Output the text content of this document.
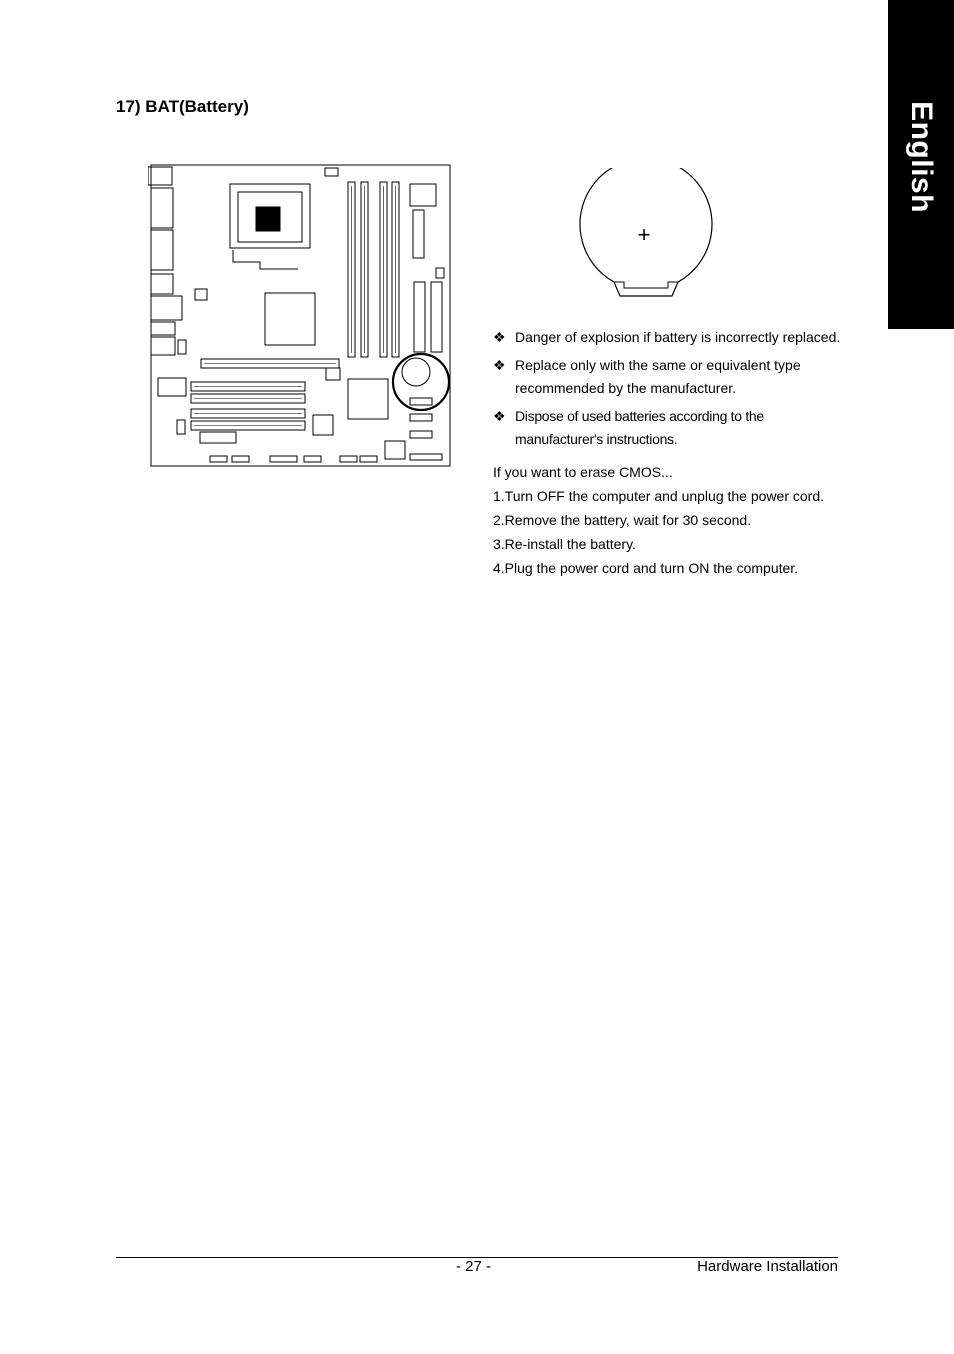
English
17) BAT(Battery)
+
❖ Danger of explosion if battery is incorrectly replaced.
❖ Replace only with the same or equivalent type recommended by the manufacturer.
❖ Dispose of used batteries according to the manufacturer's instructions.
If you want to erase CMOS...
1.Turn OFF the computer and unplug the power cord.
2.Remove the battery, wait for 30 second.
3.Re-install the battery.
4.Plug the power cord and turn ON the computer.
- 27 -	Hardware Installation
